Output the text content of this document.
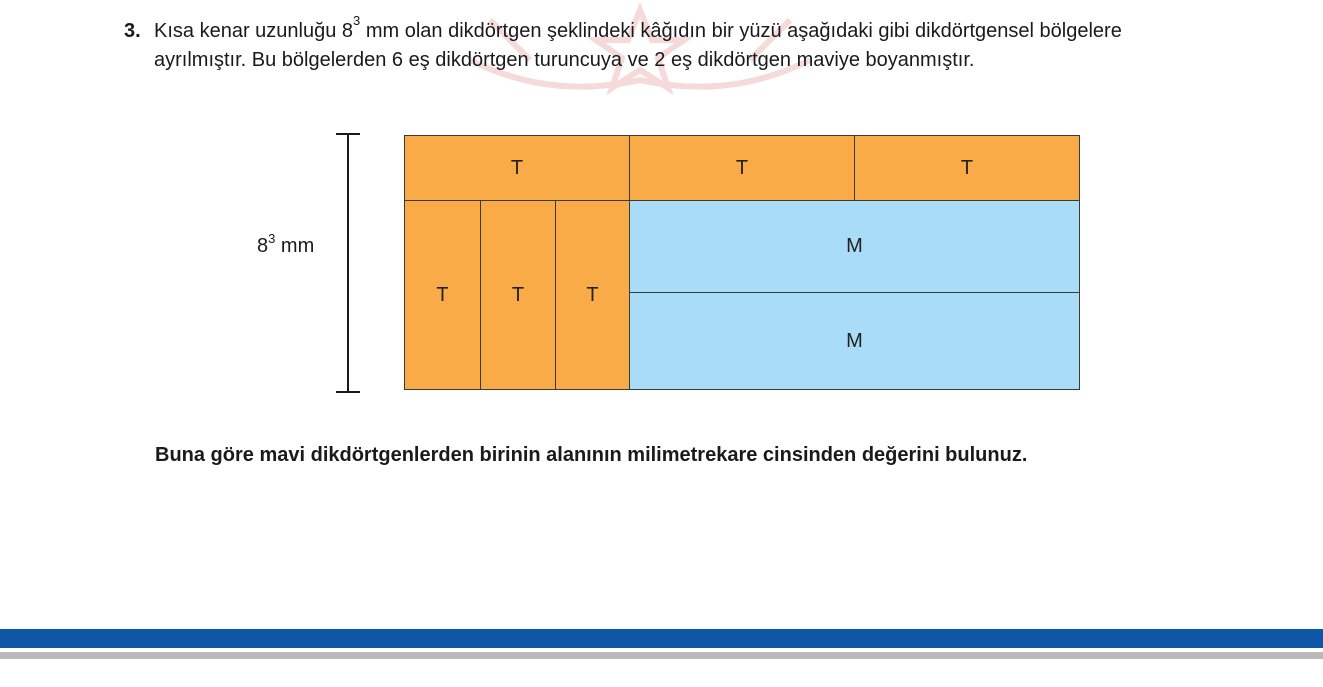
3. Kısa kenar uzunluğu $8^3$ mm olan dikdörtgen şeklindeki kâğıdın bir yüzü aşağıdaki gibi dikdörtgensel bölgelere
ayrılmıştır. Bu bölgelerden 6 eş dikdörtgen turuncuya ve 2 eş dikdörtgen maviye boyanmıştır.
$8^3$ mm
T	T	T
T	T	T
M
M
Buna göre mavi dikdörtgenlerden birinin alanının milimetrekare cinsinden değerini bulunuz.
